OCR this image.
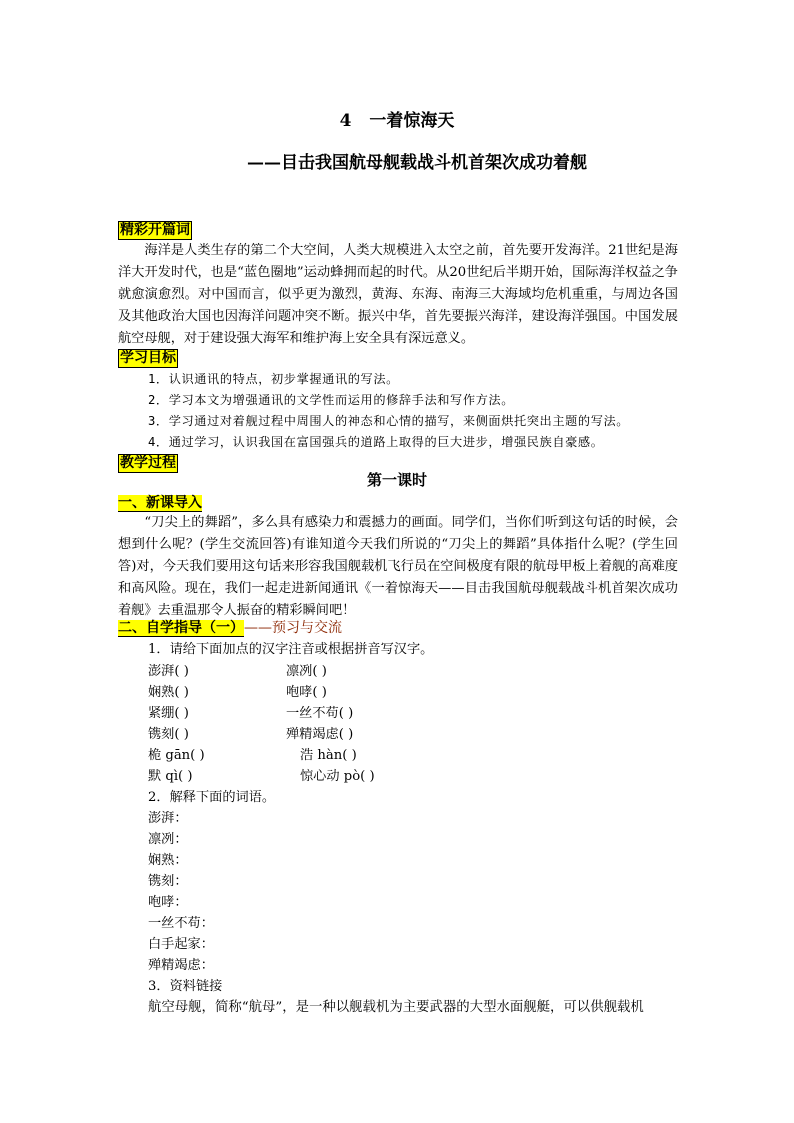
4 一着惊海天
——目击我国航母舰载战斗机首架次成功着舰
精彩开篇词

海洋是人类生存的第二个大空间，人类大规模进入太空之前，首先要开发海洋。21世纪是海洋大开发时代，也是“蓝色圈地”运动蜂拥而起的时代。从20世纪后半期开始，国际海洋权益之争就愈演愈烈。对中国而言，似乎更为激烈，黄海、东海、南海三大海域均危机重重，与周边各国及其他政治大国也因海洋问题冲突不断。振兴中华，首先要振兴海洋，建设海洋强国。中国发展航空母舰，对于建设强大海军和维护海上安全具有深远意义。

学习目标
1．认识通讯的特点，初步掌握通讯的写法。
2．学习本文为增强通讯的文学性而运用的修辞手法和写作方法。
3．学习通过对着舰过程中周围人的神态和心情的描写，来侧面烘托突出主题的写法。
4．通过学习，认识我国在富国强兵的道路上取得的巨大进步，增强民族自豪感。
教学过程
第一课时
一、新课导入

“刀尖上的舞蹈”，多么具有感染力和震撼力的画面。同学们，当你们听到这句话的时候，会想到什么呢？(学生交流回答)有谁知道今天我们所说的“刀尖上的舞蹈”具体指什么呢？(学生回答)对，今天我们要用这句话来形容我国舰载机飞行员在空间极度有限的航母甲板上着舰的高难度和高风险。现在，我们一起走进新闻通讯《一着惊海天——目击我国航母舰载战斗机首架次成功着舰》去重温那令人振奋的精彩瞬间吧！

二、自学指导（一）——预习与交流
1．请给下面加点的汉字注音或根据拼音写汉字。
澎湃( )	凛冽( )
娴熟( )	咆哮( )
紧绷( )	一丝不苟( )
镌刻( )	殚精竭虑( )
桅 gān( )	浩 hàn( )
默 qì( )	惊心动 pò( )
2．解释下面的词语。
澎湃：
凛冽：
娴熟：
镌刻：
咆哮：
一丝不苟：
白手起家：
殚精竭虑：
3．资料链接
航空母舰，简称“航母”，是一种以舰载机为主要武器的大型水面舰艇，可以供舰载机
